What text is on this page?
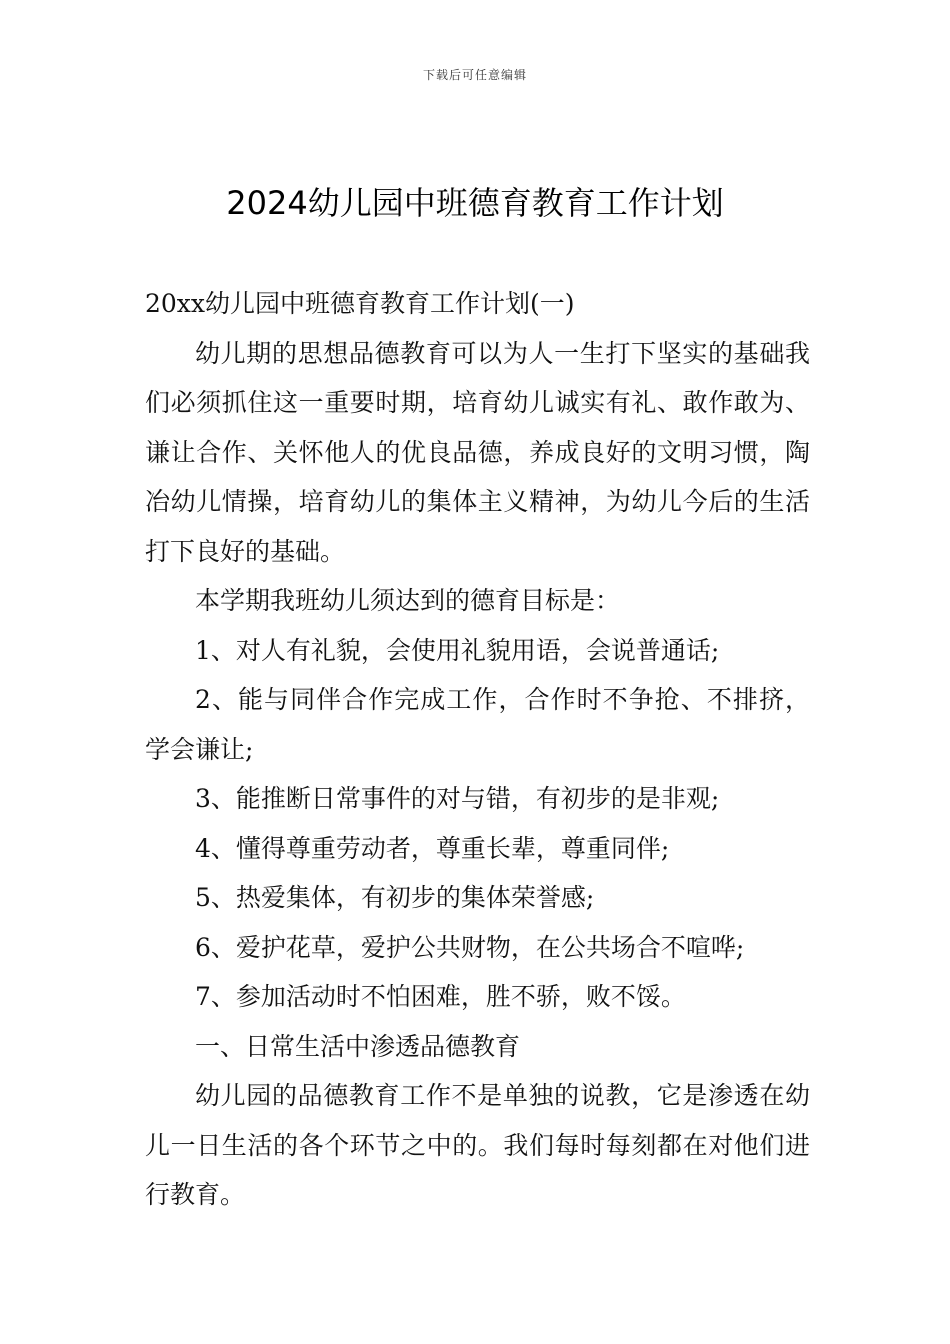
下载后可任意编辑
2024幼儿园中班德育教育工作计划

20xx幼儿园中班德育教育工作计划(一)

幼儿期的思想品德教育可以为人一生打下坚实的基础我们必须抓住这一重要时期，培育幼儿诚实有礼、敢作敢为、谦让合作、关怀他人的优良品德，养成良好的文明习惯，陶冶幼儿情操，培育幼儿的集体主义精神，为幼儿今后的生活打下良好的基础。

本学期我班幼儿须达到的德育目标是：

1、对人有礼貌，会使用礼貌用语，会说普通话;

2、能与同伴合作完成工作，合作时不争抢、不排挤，学会谦让;

3、能推断日常事件的对与错，有初步的是非观;

4、懂得尊重劳动者，尊重长辈，尊重同伴;

5、热爱集体，有初步的集体荣誉感;

6、爱护花草，爱护公共财物，在公共场合不喧哗;

7、参加活动时不怕困难，胜不骄，败不馁。

一、日常生活中渗透品德教育

幼儿园的品德教育工作不是单独的说教，它是渗透在幼儿一日生活的各个环节之中的。我们每时每刻都在对他们进行教育。
